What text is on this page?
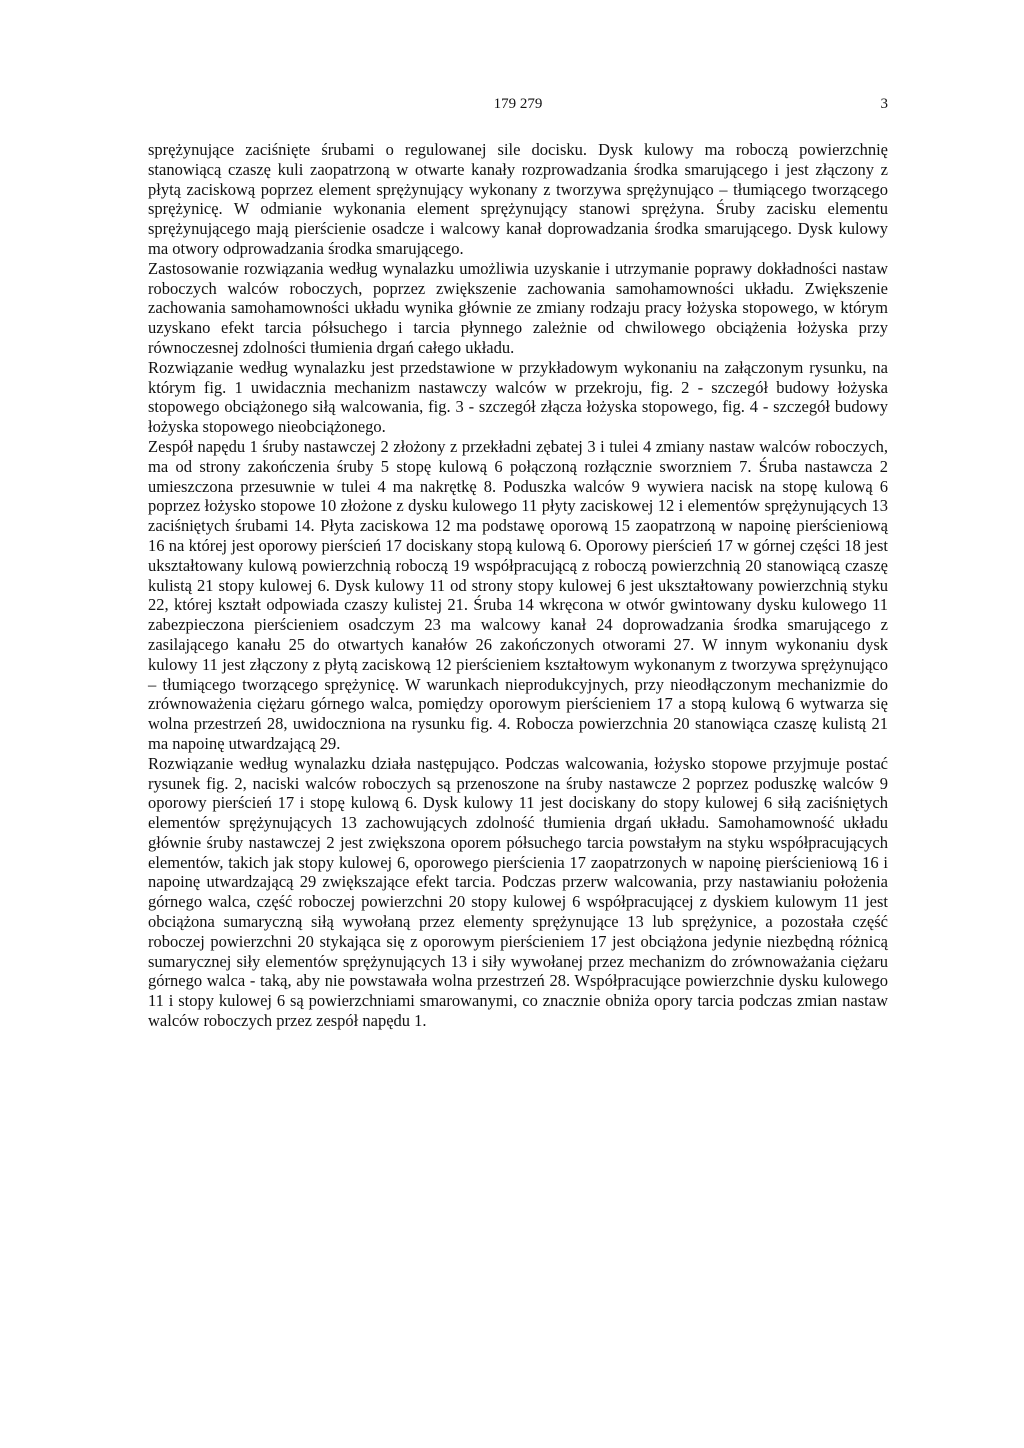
179 279	3

sprężynujące zaciśnięte śrubami o regulowanej sile docisku. Dysk kulowy ma roboczą powierzchnię stanowiącą czaszę kuli zaopatrzoną w otwarte kanały rozprowadzania środka smarującego i jest złączony z płytą zaciskową poprzez element sprężynujący wykonany z tworzywa sprężynująco – tłumiącego tworzącego sprężynicę. W odmianie wykonania element sprężynujący stanowi sprężyna. Śruby zacisku elementu sprężynującego mają pierścienie osadcze i walcowy kanał doprowadzania środka smarującego. Dysk kulowy ma otwory odprowadzania środka smarującego.

Zastosowanie rozwiązania według wynalazku umożliwia uzyskanie i utrzymanie poprawy dokładności nastaw roboczych walców roboczych, poprzez zwiększenie zachowania samohamowności układu. Zwiększenie zachowania samohamowności układu wynika głównie ze zmiany rodzaju pracy łożyska stopowego, w którym uzyskano efekt tarcia półsuchego i tarcia płynnego zależnie od chwilowego obciążenia łożyska przy równoczesnej zdolności tłumienia drgań całego układu.

Rozwiązanie według wynalazku jest przedstawione w przykładowym wykonaniu na załączonym rysunku, na którym fig. 1 uwidacznia mechanizm nastawczy walców w przekroju, fig. 2 - szczegół budowy łożyska stopowego obciążonego siłą walcowania, fig. 3 - szczegół złącza łożyska stopowego, fig. 4 - szczegół budowy łożyska stopowego nieobciążonego.

Zespół napędu 1 śruby nastawczej 2 złożony z przekładni zębatej 3 i tulei 4 zmiany nastaw walców roboczych, ma od strony zakończenia śruby 5 stopę kulową 6 połączoną rozłącznie sworzniem 7. Śruba nastawcza 2 umieszczona przesuwnie w tulei 4 ma nakrętkę 8. Poduszka walców 9 wywiera nacisk na stopę kulową 6 poprzez łożysko stopowe 10 złożone z dysku kulowego 11 płyty zaciskowej 12 i elementów sprężynujących 13 zaciśniętych śrubami 14. Płyta zaciskowa 12 ma podstawę oporową 15 zaopatrzoną w napoinę pierścieniową 16 na której jest oporowy pierścień 17 dociskany stopą kulową 6. Oporowy pierścień 17 w górnej części 18 jest ukształtowany kulową powierzchnią roboczą 19 współpracującą z roboczą powierzchnią 20 stanowiącą czaszę kulistą 21 stopy kulowej 6. Dysk kulowy 11 od strony stopy kulowej 6 jest ukształtowany powierzchnią styku 22, której kształt odpowiada czaszy kulistej 21. Śruba 14 wkręcona w otwór gwintowany dysku kulowego 11 zabezpieczona pierścieniem osadczym 23 ma walcowy kanał 24 doprowadzania środka smarującego z zasilającego kanału 25 do otwartych kanałów 26 zakończonych otworami 27. W innym wykonaniu dysk kulowy 11 jest złączony z płytą zaciskową 12 pierścieniem kształtowym wykonanym z tworzywa sprężynująco – tłumiącego tworzącego sprężynicę. W warunkach nieprodukcyjnych, przy nieodłączonym mechanizmie do zrównoważenia ciężaru górnego walca, pomiędzy oporowym pierścieniem 17 a stopą kulową 6 wytwarza się wolna przestrzeń 28, uwidoczniona na rysunku fig. 4. Robocza powierzchnia 20 stanowiąca czaszę kulistą 21 ma napoinę utwardzającą 29.

Rozwiązanie według wynalazku działa następująco. Podczas walcowania, łożysko stopowe przyjmuje postać rysunek fig. 2, naciski walców roboczych są przenoszone na śruby nastawcze 2 poprzez poduszkę walców 9 oporowy pierścień 17 i stopę kulową 6. Dysk kulowy 11 jest dociskany do stopy kulowej 6 siłą zaciśniętych elementów sprężynujących 13 zachowujących zdolność tłumienia drgań układu. Samohamowność układu głównie śruby nastawczej 2 jest zwiększona oporem półsuchego tarcia powstałym na styku współpracujących elementów, takich jak stopy kulowej 6, oporowego pierścienia 17 zaopatrzonych w napoinę pierścieniową 16 i napoinę utwardzającą 29 zwiększające efekt tarcia. Podczas przerw walcowania, przy nastawianiu położenia górnego walca, część roboczej powierzchni 20 stopy kulowej 6 współpracującej z dyskiem kulowym 11 jest obciążona sumaryczną siłą wywołaną przez elementy sprężynujące 13 lub sprężynice, a pozostała część roboczej powierzchni 20 stykająca się z oporowym pierścieniem 17 jest obciążona jedynie niezbędną różnicą sumarycznej siły elementów sprężynujących 13 i siły wywołanej przez mechanizm do zrównoważania ciężaru górnego walca - taką, aby nie powstawała wolna przestrzeń 28. Współpracujące powierzchnie dysku kulowego 11 i stopy kulowej 6 są powierzchniami smarowanymi, co znacznie obniża opory tarcia podczas zmian nastaw walców roboczych przez zespół napędu 1.
